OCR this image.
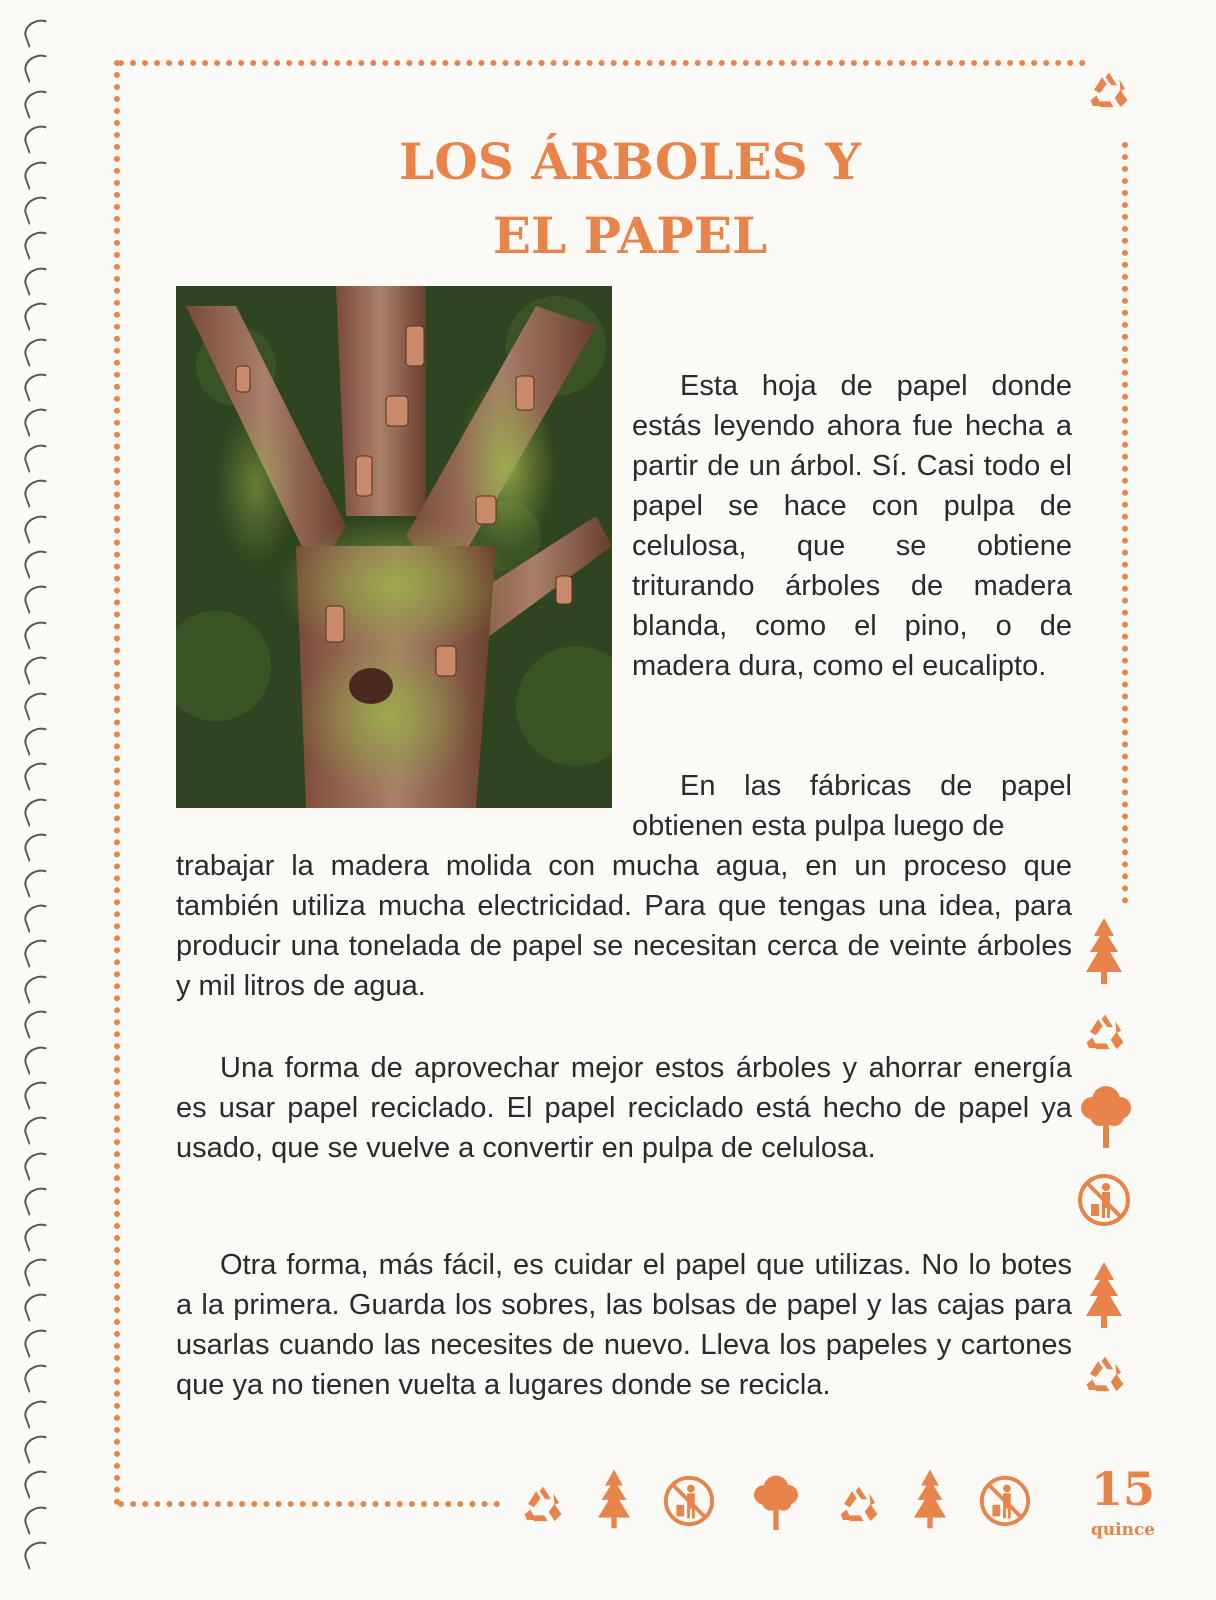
LOS ÁRBOLES Y
EL PAPEL

Esta hoja de papel donde estás leyendo ahora fue hecha a partir de un árbol. Sí. Casi todo el papel se hace con pulpa de celulosa, que se obtiene triturando árboles de madera blanda, como el pino, o de madera dura, como el eucalipto.

En las fábricas de papel obtienen esta pulpa luego de

trabajar la madera molida con mucha agua, en un proceso que también utiliza mucha electricidad. Para que tengas una idea, para producir una tonelada de papel se necesitan cerca de veinte árboles y mil litros de agua.

Una forma de aprovechar mejor estos árboles y ahorrar energía es usar papel reciclado. El papel reciclado está hecho de papel ya usado, que se vuelve a convertir en pulpa de celulosa.

Otra forma, más fácil, es cuidar el papel que utilizas. No lo botes a la primera. Guarda los sobres, las bolsas de papel y las cajas para usarlas cuando las necesites de nuevo. Lleva los papeles y cartones que ya no tienen vuelta a lugares donde se recicla.

15
quince
